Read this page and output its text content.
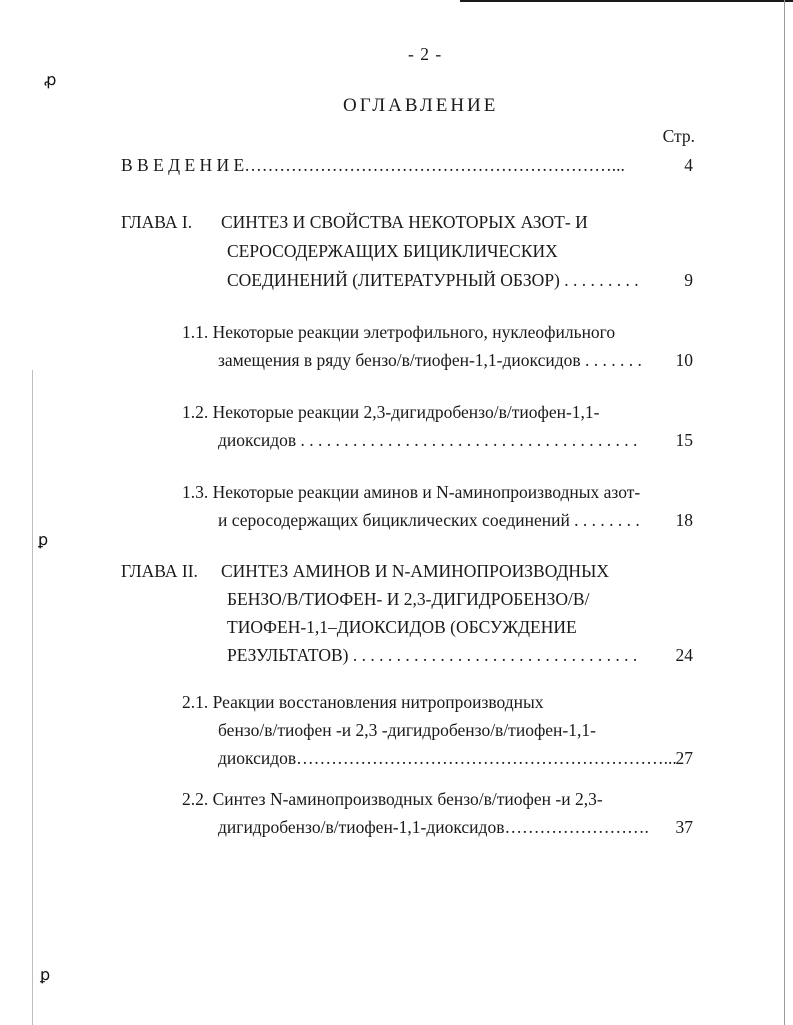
ꝓ
ꝑ
ꝑ
- 2 -
ОГЛАВЛЕНИЕ
Стр.
В В Е Д Е Н И Е………………………………………………………...	4
ГЛАВА I. СИНТЕЗ И СВОЙСТВА НЕКОТОРЫХ АЗОТ- И
СЕРОСОДЕРЖАЩИХ БИЦИКЛИЧЕСКИХ
СОЕДИНЕНИЙ (ЛИТЕРАТУРНЫЙ ОБЗОР) . . . . . . . . .	9
1.1. Некоторые реакции элетрофильного, нуклеофильного
замещения в ряду бензо/в/тиофен-1,1-диоксидов . . . . . . . 10
1.2. Некоторые реакции 2,3-дигидробензо/в/тиофен-1,1-
диоксидов . . . . . . . . . . . . . . . . . . . . . . . . . . . . . . . . . . . . . . . 15
1.3. Некоторые реакции аминов и N-аминопроизводных азот-
и серосодержащих бициклических соединений . . . . . . . . 18
ГЛАВА II. СИНТЕЗ АМИНОВ И N-АМИНОПРОИЗВОДНЫХ
БЕНЗО/В/ТИОФЕН- И 2,3-ДИГИДРОБЕНЗО/В/
ТИОФЕН-1,1–ДИОКСИДОВ (ОБСУЖДЕНИЕ
РЕЗУЛЬТАТОВ) . . . . . . . . . . . . . . . . . . . . . . . . . . . . . . . . . 24
2.1. Реакции восстановления нитропроизводных
бензо/в/тиофен -и 2,3 -дигидробензо/в/тиофен-1,1-
диоксидов………………………………………………………...
27
2.2. Синтез N-аминопроизводных бензо/в/тиофен -и 2,3-
дигидробензо/в/тиофен-1,1-диоксидов……………………. 37
